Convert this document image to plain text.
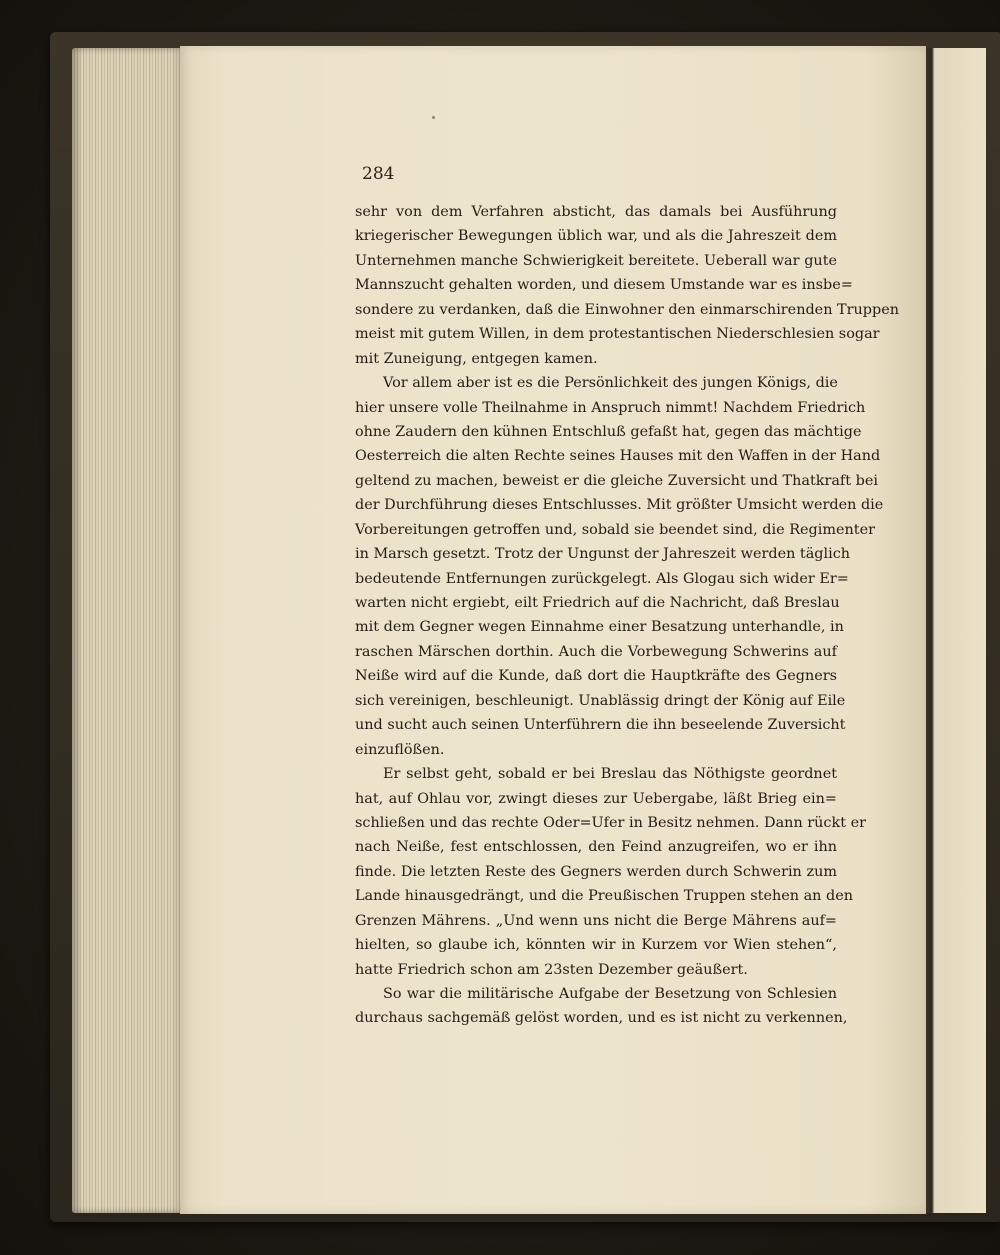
284
sehr von dem Verfahren absticht, das damals bei Ausführung
kriegerischer Bewegungen üblich war, und als die Jahreszeit dem
Unternehmen manche Schwierigkeit bereitete. Ueberall war gute
Mannszucht gehalten worden, und diesem Umstande war es insbe=
sondere zu verdanken, daß die Einwohner den einmarschirenden Truppen
meist mit gutem Willen, in dem protestantischen Niederschlesien sogar
mit Zuneigung, entgegen kamen.
Vor allem aber ist es die Persönlichkeit des jungen Königs, die
hier unsere volle Theilnahme in Anspruch nimmt! Nachdem Friedrich
ohne Zaudern den kühnen Entschluß gefaßt hat, gegen das mächtige
Oesterreich die alten Rechte seines Hauses mit den Waffen in der Hand
geltend zu machen, beweist er die gleiche Zuversicht und Thatkraft bei
der Durchführung dieses Entschlusses. Mit größter Umsicht werden die
Vorbereitungen getroffen und, sobald sie beendet sind, die Regimenter
in Marsch gesetzt. Trotz der Ungunst der Jahreszeit werden täglich
bedeutende Entfernungen zurückgelegt. Als Glogau sich wider Er=
warten nicht ergiebt, eilt Friedrich auf die Nachricht, daß Breslau
mit dem Gegner wegen Einnahme einer Besatzung unterhandle, in
raschen Märschen dorthin. Auch die Vorbewegung Schwerins auf
Neiße wird auf die Kunde, daß dort die Hauptkräfte des Gegners
sich vereinigen, beschleunigt. Unablässig dringt der König auf Eile
und sucht auch seinen Unterführern die ihn beseelende Zuversicht
einzuflößen.
Er selbst geht, sobald er bei Breslau das Nöthigste geordnet
hat, auf Ohlau vor, zwingt dieses zur Uebergabe, läßt Brieg ein=
schließen und das rechte Oder=Ufer in Besitz nehmen. Dann rückt er
nach Neiße, fest entschlossen, den Feind anzugreifen, wo er ihn
finde. Die letzten Reste des Gegners werden durch Schwerin zum
Lande hinausgedrängt, und die Preußischen Truppen stehen an den
Grenzen Mährens. „Und wenn uns nicht die Berge Mährens auf=
hielten, so glaube ich, könnten wir in Kurzem vor Wien stehen“,
hatte Friedrich schon am 23sten Dezember geäußert.
So war die militärische Aufgabe der Besetzung von Schlesien
durchaus sachgemäß gelöst worden, und es ist nicht zu verkennen,
